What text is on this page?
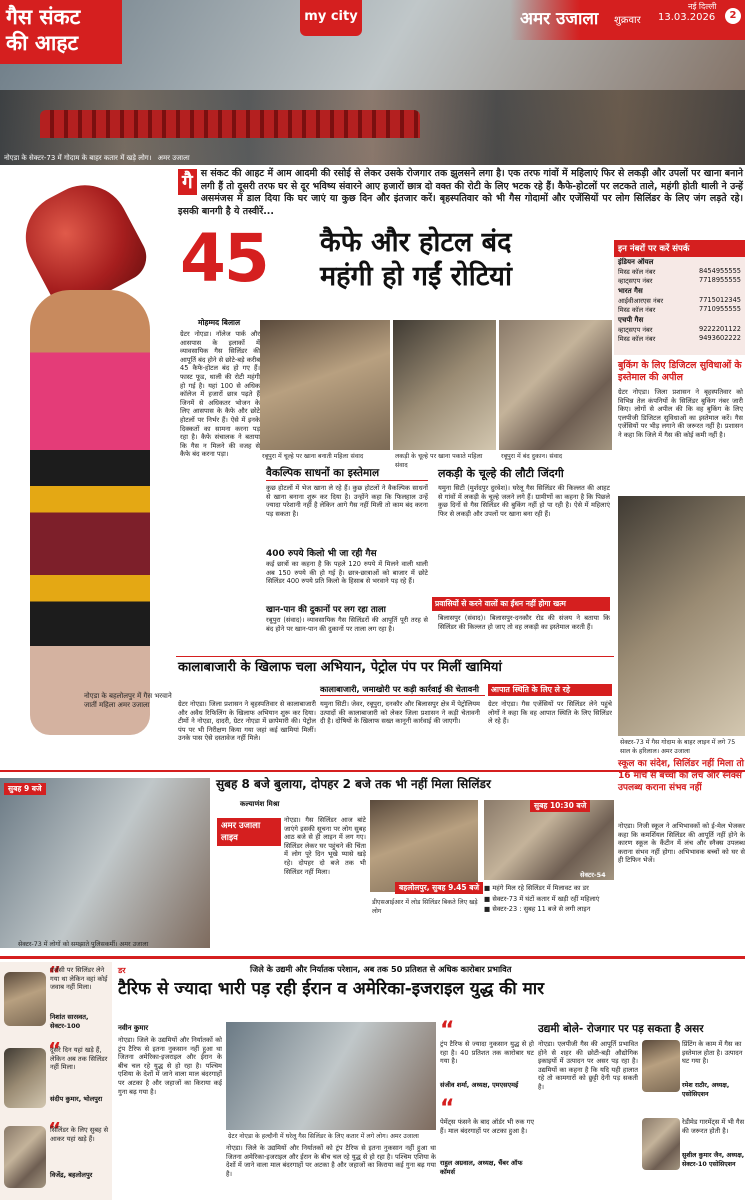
गैस संकट
की आहट
my city	अमर उजाला
नई दिल्ली
शुक्रवार 13.03.2026	2
नोएडा के सेक्टर-73 में गोदाम के बाहर कतार में खड़े लोग। अमर उजाला
गै स संकट की आहट में आम आदमी की रसोई से लेकर उसके रोजगार तक झुलसने लगा है। एक तरफ गांवों में महिलाएं फिर से लकड़ी और उपलों पर खाना बनाने लगी हैं तो दूसरी तरफ घर से दूर भविष्य संवारने आए हजारों छात्र दो वक्त की रोटी के लिए भटक रहे हैं। कैफे-होटलों पर लटकते ताले, महंगी होती थाली ने उन्हें असमंजस में डाल दिया कि घर जाएं या कुछ दिन और इंतजार करें। बृहस्पतिवार को भी गैस गोदामों और एजेंसियों पर लोग सिलिंडर के लिए जंग लड़ते रहे। इसकी बानगी है ये तस्वीरें...
नोएडा के बहलोलपुर में गैस भरवाने जातीं महिला अमर उजाला
45 कैफे और होटल बंद
महंगी हो गईं रोटियां
मोहम्मद बिलाल
ग्रेटर नोएडा। नॉलेज पार्क और आसपास के इलाकों में व्यावसायिक गैस सिलिंडर की आपूर्ति बंद होने से छोटे-बड़े करीब 45 कैफे-होटल बंद हो गए हैं। फास्ट फूड, थाली की रोटी महंगी हो गई है। यहां 100 से अधिक कॉलेज में हजारों छात्र पढ़ते हैं जिनमें से अधिकतर भोजन के लिए आसपास के कैफे और छोटे होटलों पर निर्भर हैं। ऐसे में इनके दिक्कतों का सामना करना पड़ रहा है। कैफे संचालक ने बताया कि गैस न मिलने की वजह से कैफे बंद करना पड़ा।	रबूपुरा में चूल्हे पर खाना बनाती महिला संवाद	लकड़ी के चूल्हे पर खाना पकाते महिला संवाद
रबूपुरा में बंद दुकान। संवाद
वैकल्पिक साधनों का इस्तेमाल
कुछ होटलों में भेज खाना ले रहे हैं। कुछ होटलों ने वैकल्पिक साधनों से खाना बनाना शुरू कर दिया है। उन्होंने कहा कि फिलहाल उन्हें ज्यादा परेशानी नहीं है लेकिन आगे गैस नहीं मिली तो काम बंद करना पड़ सकता है।
400 रुपये किलो भी जा रही गैस
कई छात्रों का कहना है कि पहले 120 रुपये में मिलने वाली थाली अब 150 रुपये की हो गई है। छात्र-छात्राओं को बाजार में छोटे सिलिंडर 400 रुपये प्रति किलो के हिसाब से भरवाने पड़ रहे हैं।
खान-पान की दुकानों पर लग रहा ताला
रबूपुरा (संवाद)। व्यावसायिक गैस सिलिंडरों की आपूर्ति पूरी तरह से बंद होने पर खान-पान की दुकानों पर ताला लग रहा है।
लकड़ी के चूल्हे की लौटी जिंदगी
यमुना सिटी (मुर्शदपुर दुरवेश)। घरेलू गैस सिलिंडर की किल्लत की आहट से गांवों में लकड़ी के चूल्हे जलने लगे हैं। ग्रामीणों का कहना है कि पिछले कुछ दिनों से गैस सिलिंडर की बुकिंग नहीं हो पा रही है। ऐसे में महिलाएं फिर से लकड़ी और उपलों पर खाना बना रही हैं।
प्रवासियों से करने वालों का ईंधन नहीं होगा खत्म
बिलासपुर (संवाद)। बिलासपुर-दनकौर रोड की संजय ने बताया कि सिलिंडर की किल्लत हो जाए तो वह लकड़ी का इस्तेमाल करती हैं।
इन नंबरों पर करें संपर्क
इंडियन ऑयल
मिस्ड कॉल नंबर	8454955555
व्हाट्सएप नंबर	7718955555
भारत गैस
आईवीआरएस नंबर	7715012345
मिस्ड कॉल नंबर	7710955555
एचपी गैस
व्हाट्सएप नंबर	9222201122
मिस्ड कॉल नंबर	9493602222
बुकिंग के लिए डिजिटल सुविधाओं के इस्तेमाल की अपील
ग्रेटर नोएडा। जिला प्रशासन ने बृहस्पतिवार को विभिन्न तेल कंपनियों के सिलिंडर बुकिंग नंबर जारी किए। लोगों से अपील की कि वह बुकिंग के लिए एलपीजी डिजिटल सुविधाओं का इस्तेमाल करें। गैस एजेंसियों पर भीड़ लगाने की जरूरत नहीं है। प्रशासन ने कहा कि जिले में गैस की कोई कमी नहीं है।
सेक्टर-73 में गैस गोदाम के बाहर लाइन में लगे 75 साल के हरिलाल। अमर उजाला
कालाबाजारी के खिलाफ चला अभियान, पेट्रोल पंप पर मिलीं खामियां
ग्रेटर नोएडा। जिला प्रशासन ने बृहस्पतिवार से कालाबाजारी और अवैध रिफिलिंग के खिलाफ अभियान शुरू कर दिया। टीमों ने नोएडा, दादरी, ग्रेटर नोएडा में छापेमारी की। पेट्रोल पंप पर भी निरीक्षण किया गया जहां कई खामियां मिलीं। उनके पास ऐसे दस्तावेज नहीं मिले।
कालाबाजारी, जमाखोरी पर कड़ी कार्रवाई की चेतावनी
यमुना सिटी। जेवर, रबूपुरा, दनकौर और बिलासपुर क्षेत्र में पेट्रोलियम उत्पादों की कालाबाजारी को लेकर जिला प्रशासन ने कड़ी चेतावनी दी है। दोषियों के खिलाफ सख्त कानूनी कार्रवाई की जाएगी।
आपात स्थिति के लिए ले रहे
ग्रेटर नोएडा। गैस एजेंसियों पर सिलिंडर लेने पहुंचे लोगों ने कहा कि वह आपात स्थिति के लिए सिलिंडर ले रहे हैं।
सुबह 9 बजे
सेक्टर-73 में लोगों को समझाते पुलिसकर्मी। अमर उजाला
सुबह 8 बजे बुलाया, दोपहर 2 बजे तक भी नहीं मिला सिलिंडर
कल्याणंश मिश्रा
अमर उजाला लाइव
नोएडा। गैस सिलिंडर आज बांटे जाएंगे इसकी सूचना पर लोग सुबह आठ बजे से ही लाइन में लग गए। सिलिंडर लेकर घर पहुंचने की चिंता में लोग पूरे दिन भूखे प्यासे खड़े रहे। दोपहर दो बजे तक भी सिलिंडर नहीं मिला।
बहलोलपुर, सुबह 9.45 बजे
डीएसआईआर में लोड सिलिंडर बिकते लिए खड़े लोग
सुबह 10:30 बजे
सेक्टर-54
■ महंगे मिल रहे सिलिंडर में मिलावट का डर
■ सेक्टर-73 में घंटों कतार में खड़ी रहीं महिलाएं
■ सेक्टर-23 : सुबह 11 बजे से लगी लाइन
स्कूल का संदेश, सिलिंडर नहीं मिला तो 16 मार्च से बच्चों को लंच और स्नैक्स उपलब्ध कराना संभव नहीं
नोएडा। निजी स्कूल ने अभिभावकों को ई-मेल भेजकर कहा कि कमर्शियल सिलिंडर की आपूर्ति नहीं होने के कारण स्कूल के कैंटीन में लंच और स्नैक्स उपलब्ध कराना संभव नहीं होगा। अभिभावक बच्चों को घर से ही टिफिन भेजें।
“
एजेंसी पर सिलिंडर लेने गया था लेकिन वहां कोई जवाब नहीं मिला।
निशांत सारस्वत, सेक्टर-100
“
दूसरे दिन यहां खड़े हैं, लेकिन अब तक सिलिंडर नहीं मिला।
संदीप कुमार, भोलपुरा
“
सिलिंडर के लिए सुबह से आकर यहां खड़े हैं।
विजेंद्र, बहलोलपुर
डर	जिले के उद्यमी और निर्यातक परेशान, अब तक 50 प्रतिशत से अधिक कारोबार प्रभावित
टैरिफ से ज्यादा भारी पड़ रही ईरान व अमेरिका-इजराइल युद्ध की मार
नवीन कुमार
नोएडा। जिले के उद्यमियों और निर्यातकों को ट्रंप टैरिफ से इतना नुकसान नहीं हुआ था जितना अमेरिका-इजराइल और ईरान के बीच चल रहे युद्ध से हो रहा है। पश्चिम एशिया के देशों में जाने वाला माल बंदरगाहों पर अटका है और जहाजों का किराया कई गुना बढ़ गया है।
ग्रेटर नोएडा के हल्दौनी में घरेलू गैस सिलिंडर के लिए कतार में लगे लोग। अमर उजाला
नोएडा। जिले के उद्यमियों और निर्यातकों को ट्रंप टैरिफ से इतना नुकसान नहीं हुआ था जितना अमेरिका-इजराइल और ईरान के बीच चल रहे युद्ध से हो रहा है। पश्चिम एशिया के देशों में जाने वाला माल बंदरगाहों पर अटका है और जहाजों का किराया कई गुना बढ़ गया है।
“
ट्रंप टैरिफ से ज्यादा नुकसान युद्ध से हो रहा है। 40 प्रतिशत तक कारोबार घट गया है।
संजीव शर्मा, अध्यक्ष, एमएसएमई
“
पेमेंट्स फंसने के बाद ऑर्डर भी रुक गए हैं। माल बंदरगाहों पर अटका हुआ है।
राहुल अग्रवाल, अध्यक्ष, चैंबर ऑफ कॉमर्स
उद्यमी बोले- रोजगार पर पड़ सकता है असर
नोएडा। एलपीजी गैस की आपूर्ति प्रभावित होने से शहर की छोटी-बड़ी औद्योगिक इकाइयों में उत्पादन पर असर पड़ रहा है। उद्यमियों का कहना है कि यदि यही हालात रहे तो कामगारों को छुट्टी देनी पड़ सकती है।
प्रिंटिंग के काम में गैस का इस्तेमाल होता है। उत्पादन घट गया है।
रमेश राठौर, अध्यक्ष, एसोसिएशन
रेडीमेड गारमेंट्स में भी गैस की जरूरत होती है।
सुशील कुमार जैन, अध्यक्ष, सेक्टर-10 एसोसिएशन
